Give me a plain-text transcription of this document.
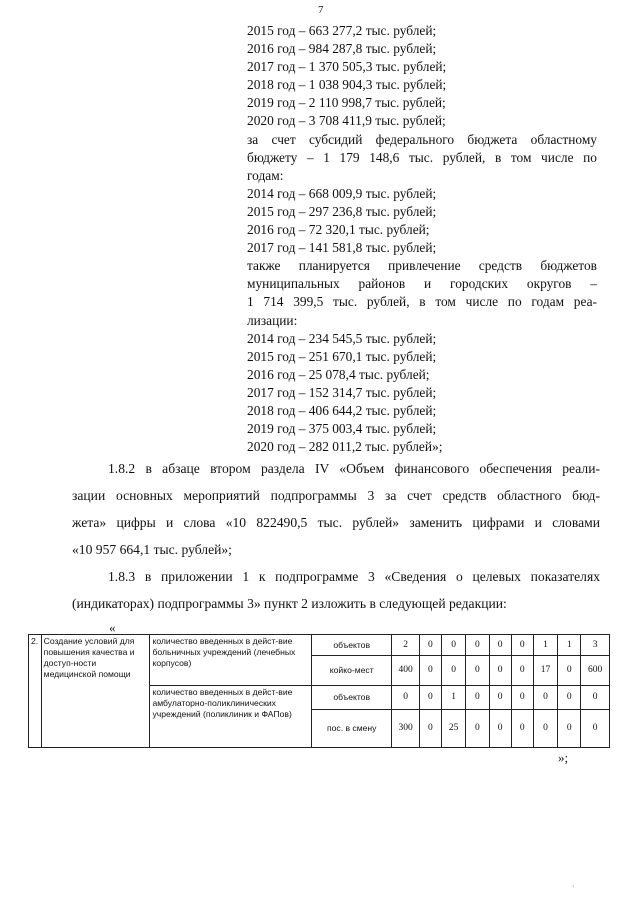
7
2015 год – 663 277,2 тыс. рублей;
2016 год – 984 287,8 тыс. рублей;
2017 год – 1 370 505,3 тыс. рублей;
2018 год – 1 038 904,3 тыс. рублей;
2019 год – 2 110 998,7 тыс. рублей;
2020 год – 3 708 411,9 тыс. рублей;
за счет субсидий федерального бюджета областному
бюджету – 1 179 148,6 тыс. рублей, в том числе по
годам:
2014 год – 668 009,9 тыс. рублей;
2015 год – 297 236,8 тыс. рублей;
2016 год – 72 320,1 тыс. рублей;
2017 год – 141 581,8 тыс. рублей;
также планируется привлечение средств бюджетов
муниципальных районов и городских округов –
1 714 399,5 тыс. рублей, в том числе по годам реа-
лизации:
2014 год – 234 545,5 тыс. рублей;
2015 год – 251 670,1 тыс. рублей;
2016 год – 25 078,4 тыс. рублей;
2017 год – 152 314,7 тыс. рублей;
2018 год – 406 644,2 тыс. рублей;
2019 год – 375 003,4 тыс. рублей;
2020 год – 282 011,2 тыс. рублей»;
1.8.2 в абзаце втором раздела IV «Объем финансового обеспечения реали-
зации основных мероприятий подпрограммы 3 за счет средств областного бюд-
жета» цифры и слова «10 822490,5 тыс. рублей» заменить цифрами и словами
«10 957 664,1 тыс. рублей»;
1.8.3 в приложении 1 к подпрограмме 3 «Сведения о целевых показателях
(индикаторах) подпрограммы 3» пункт 2 изложить в следующей редакции:
«
2.	Создание условий для повышения качества и доступ-ности медицинской помощи	количество введенных в дейст-вие больничных учреждений (лечебных корпусов)	объектов	2	0	0	0	0	0	1	1	3
			койко-мест	400	0	0	0	0	0	17	0	600
		количество введенных в дейст-вие амбулаторно-поликлинических учреждений (поликлиник и ФАПов)	объектов	0	0	1	0	0	0	0	0	0
			пос. в смену	300	0	25	0	0	0	0	0	0
»;
·
